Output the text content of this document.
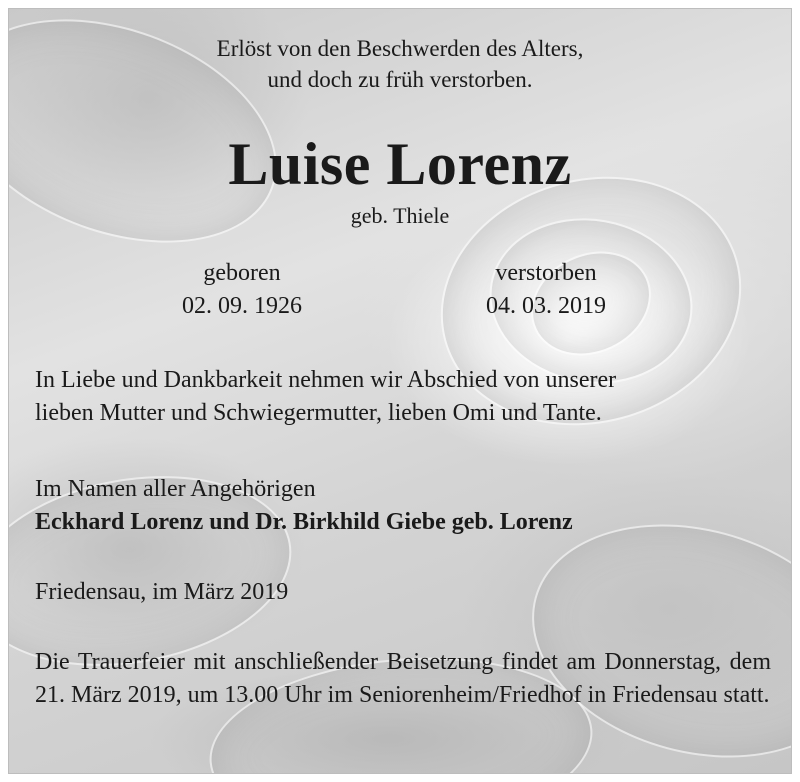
Erlöst von den Beschwerden des Alters,
und doch zu früh verstorben.
Luise Lorenz
geb. Thiele
geboren
02. 09. 1926
verstorben
04. 03. 2019
In Liebe und Dankbarkeit nehmen wir Abschied von unserer
lieben Mutter und Schwiegermutter, lieben Omi und Tante.
Im Namen aller Angehörigen
Eckhard Lorenz und Dr. Birkhild Giebe geb. Lorenz
Friedensau, im März 2019
Die Trauerfeier mit anschließender Beisetzung findet am Donnerstag, dem 21. März 2019, um 13.00 Uhr im Seniorenheim/Friedhof in Friedensau statt.
